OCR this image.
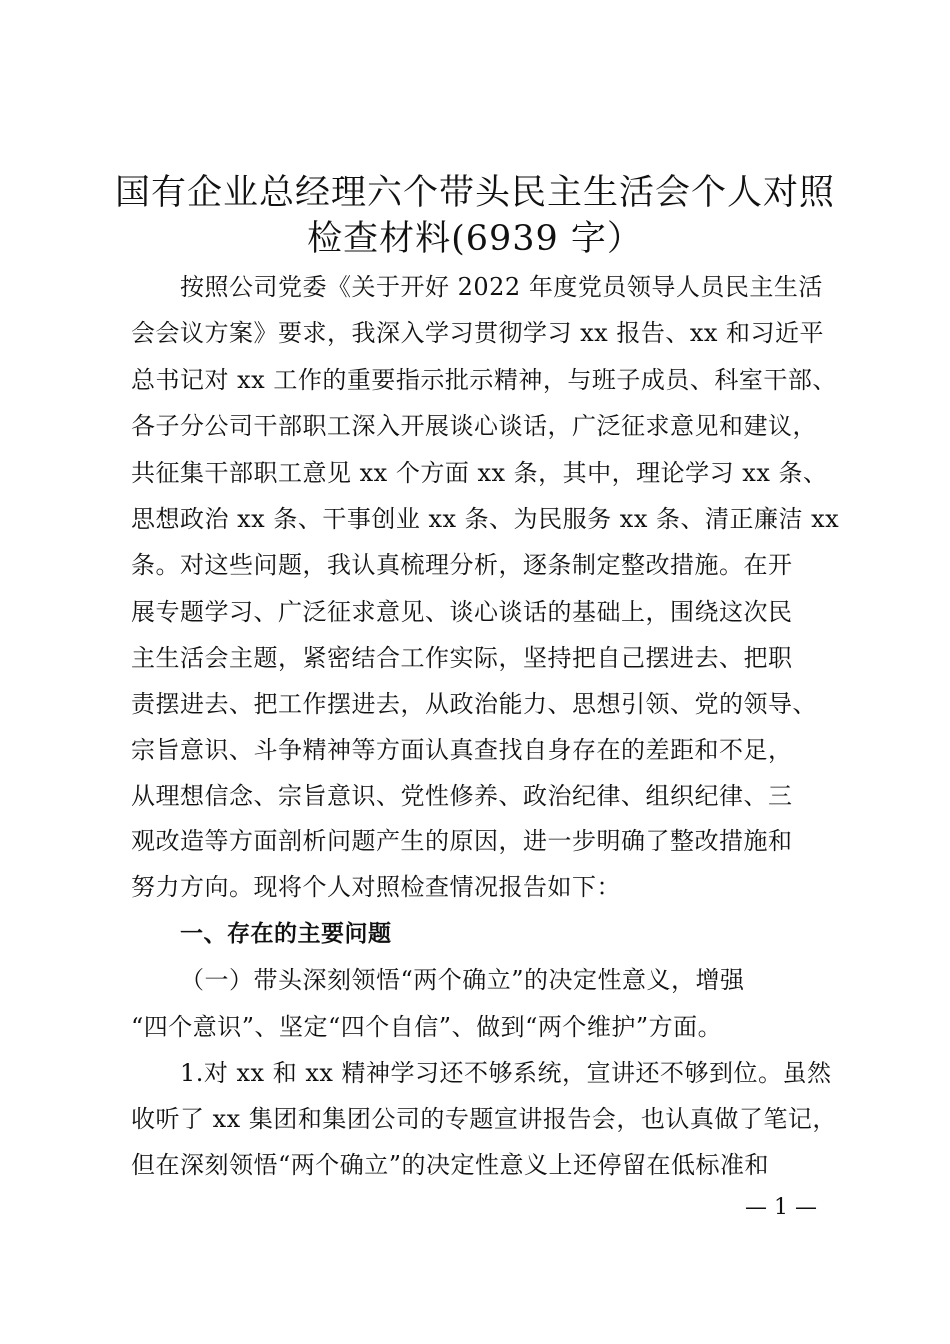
国有企业总经理六个带头民主生活会个人对照
检查材料(6939 字）
按照公司党委《关于开好 2022 年度党员领导人员民主生活
会会议方案》要求，我深入学习贯彻学习 xx 报告、xx 和习近平
总书记对 xx 工作的重要指示批示精神，与班子成员、科室干部、
各子分公司干部职工深入开展谈心谈话，广泛征求意见和建议，
共征集干部职工意见 xx 个方面 xx 条，其中，理论学习 xx 条、
思想政治 xx 条、干事创业 xx 条、为民服务 xx 条、清正廉洁 xx
条。对这些问题，我认真梳理分析，逐条制定整改措施。在开
展专题学习、广泛征求意见、谈心谈话的基础上，围绕这次民
主生活会主题，紧密结合工作实际，坚持把自己摆进去、把职
责摆进去、把工作摆进去，从政治能力、思想引领、党的领导、
宗旨意识、斗争精神等方面认真查找自身存在的差距和不足，
从理想信念、宗旨意识、党性修养、政治纪律、组织纪律、三
观改造等方面剖析问题产生的原因，进一步明确了整改措施和
努力方向。现将个人对照检查情况报告如下：
一、存在的主要问题
（一）带头深刻领悟“两个确立”的决定性意义，增强
“四个意识”、坚定“四个自信”、做到“两个维护”方面。
1.对 xx 和 xx 精神学习还不够系统，宣讲还不够到位。虽然
收听了 xx 集团和集团公司的专题宣讲报告会，也认真做了笔记，
但在深刻领悟“两个确立”的决定性意义上还停留在低标准和
— 1 —
